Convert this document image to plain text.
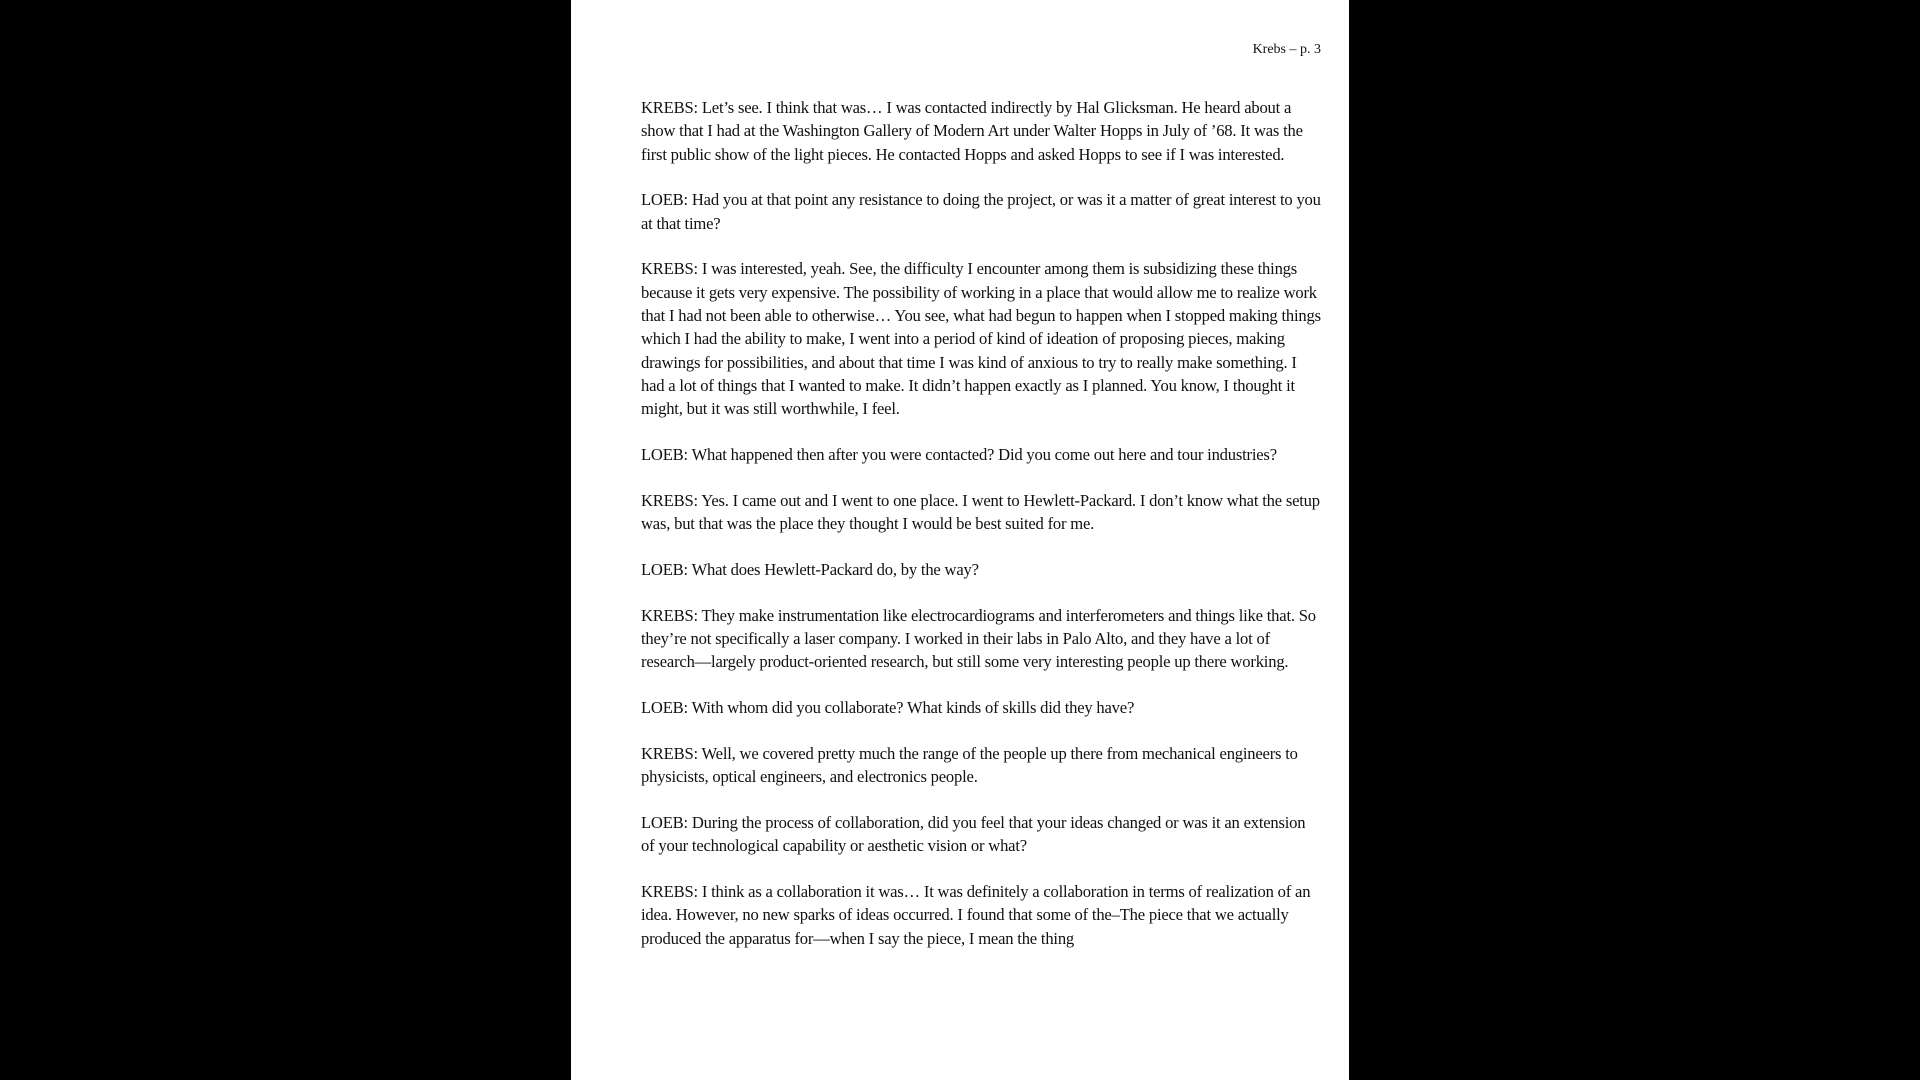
Krebs – p. 3

KREBS: Let’s see. I think that was… I was contacted indirectly by Hal Glicksman. He heard about a show that I had at the Washington Gallery of Modern Art under Walter Hopps in July of ’68. It was the first public show of the light pieces. He contacted Hopps and asked Hopps to see if I was interested.

LOEB: Had you at that point any resistance to doing the project, or was it a matter of great interest to you at that time?

KREBS: I was interested, yeah. See, the difficulty I encounter among them is subsidizing these things because it gets very expensive. The possibility of working in a place that would allow me to realize work that I had not been able to otherwise… You see, what had begun to happen when I stopped making things which I had the ability to make, I went into a period of kind of ideation of proposing pieces, making drawings for possibilities, and about that time I was kind of anxious to try to really make something. I had a lot of things that I wanted to make. It didn’t happen exactly as I planned. You know, I thought it might, but it was still worthwhile, I feel.

LOEB: What happened then after you were contacted? Did you come out here and tour industries?

KREBS: Yes. I came out and I went to one place. I went to Hewlett-Packard. I don’t know what the setup was, but that was the place they thought I would be best suited for me.

LOEB: What does Hewlett-Packard do, by the way?

KREBS: They make instrumentation like electrocardiograms and interferometers and things like that. So they’re not specifically a laser company. I worked in their labs in Palo Alto, and they have a lot of research—largely product-oriented research, but still some very interesting people up there working.

LOEB: With whom did you collaborate? What kinds of skills did they have?

KREBS: Well, we covered pretty much the range of the people up there from mechanical engineers to physicists, optical engineers, and electronics people.

LOEB: During the process of collaboration, did you feel that your ideas changed or was it an extension of your technological capability or aesthetic vision or what?

KREBS: I think as a collaboration it was… It was definitely a collaboration in terms of realization of an idea. However, no new sparks of ideas occurred. I found that some of the–The piece that we actually produced the apparatus for—when I say the piece, I mean the thing
